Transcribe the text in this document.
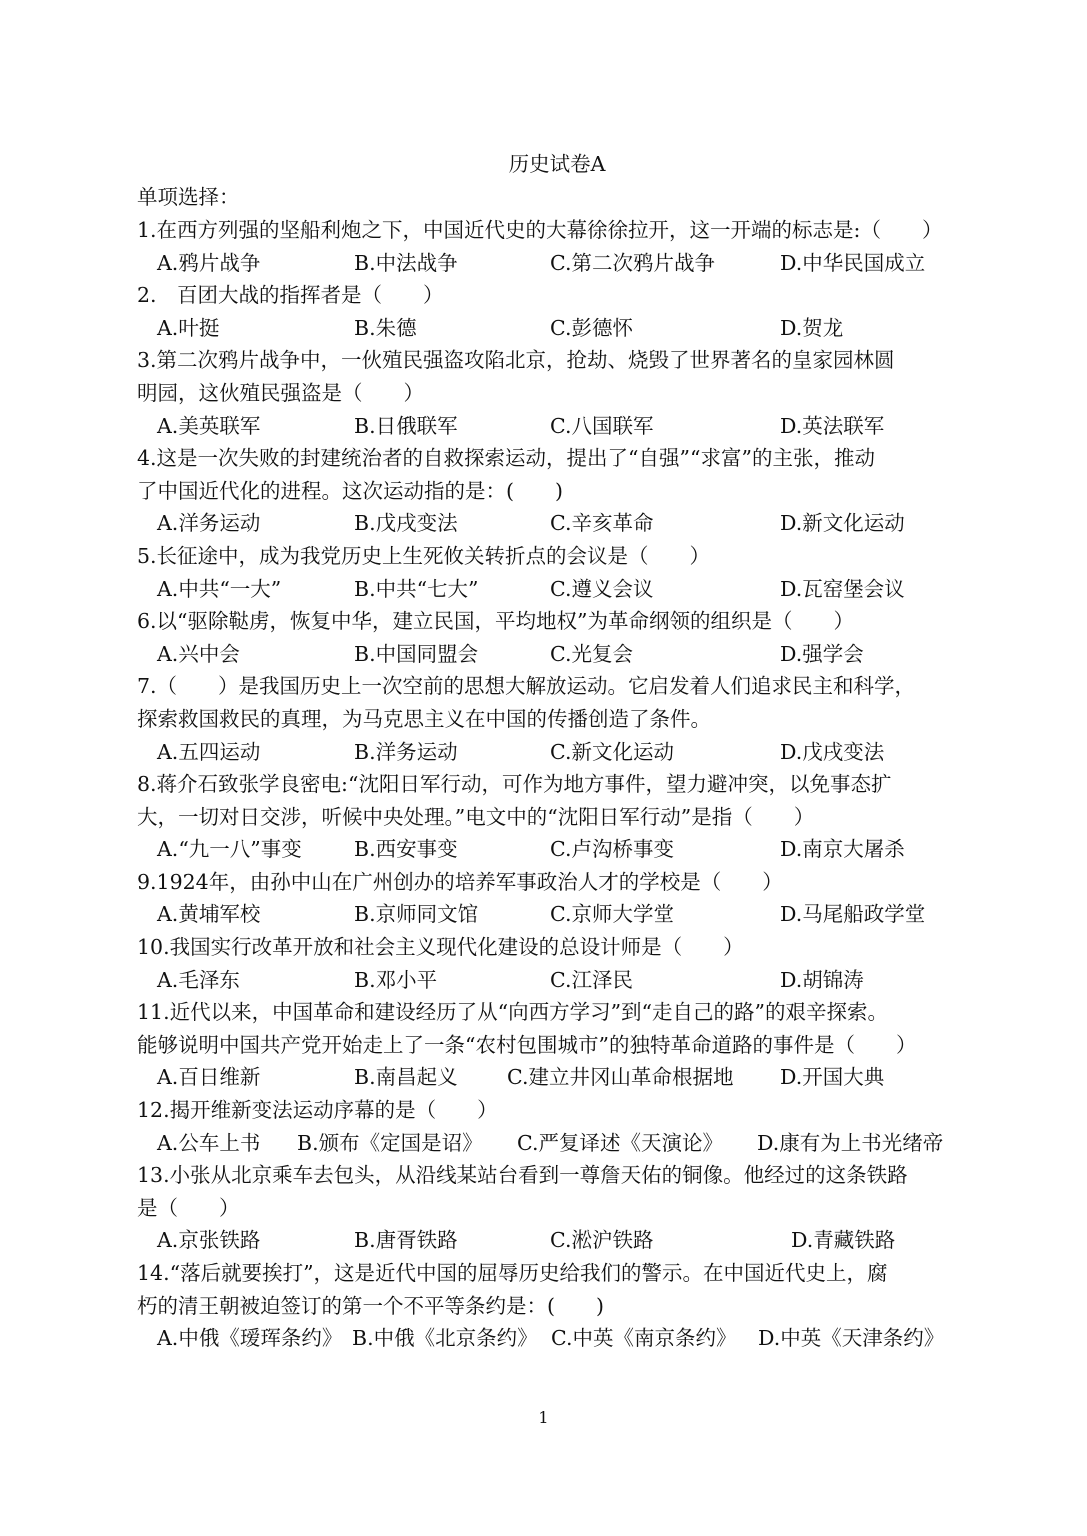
历史试卷A
单项选择：
1.在西方列强的坚船利炮之下，中国近代史的大幕徐徐拉开，这一开端的标志是:（　　）
A.鸦片战争	B.中法战争	C.第二次鸦片战争	D.中华民国成立
2.　百团大战的指挥者是（　　）
A.叶挺	B.朱德	C.彭德怀	D.贺龙
3.第二次鸦片战争中，一伙殖民强盗攻陷北京，抢劫、烧毁了世界著名的皇家园林圆
明园，这伙殖民强盗是（　　）
A.美英联军	B.日俄联军	C.八国联军	D.英法联军
4.这是一次失败的封建统治者的自救探索运动，提出了“自强”“求富”的主张，推动
了中国近代化的进程。这次运动指的是：(　　)
A.洋务运动	B.戊戌变法	C.辛亥革命	D.新文化运动
5.长征途中，成为我党历史上生死攸关转折点的会议是（　　）
A.中共“一大”	B.中共“七大”	C.遵义会议	D.瓦窑堡会议
6.以“驱除鞑虏，恢复中华，建立民国，平均地权”为革命纲领的组织是（　　）
A.兴中会	B.中国同盟会	C.光复会	D.强学会
7.（　　）是我国历史上一次空前的思想大解放运动。它启发着人们追求民主和科学，
探索救国救民的真理，为马克思主义在中国的传播创造了条件。
A.五四运动	B.洋务运动	C.新文化运动	D.戊戌变法
8.蒋介石致张学良密电:“沈阳日军行动，可作为地方事件，望力避冲突，以免事态扩
大，一切对日交涉，听候中央处理。”电文中的“沈阳日军行动”是指（　　）
A.“九一八”事变	B.西安事变	C.卢沟桥事变	D.南京大屠杀
9.1924年，由孙中山在广州创办的培养军事政治人才的学校是（　　）
A.黄埔军校	B.京师同文馆	C.京师大学堂	D.马尾船政学堂
10.我国实行改革开放和社会主义现代化建设的总设计师是（　　）
A.毛泽东	B.邓小平	C.江泽民	D.胡锦涛
11.近代以来，中国革命和建设经历了从“向西方学习”到“走自己的路”的艰辛探索。
能够说明中国共产党开始走上了一条“农村包围城市”的独特革命道路的事件是（　　）
A.百日维新	B.南昌起义 C.建立井冈山革命根据地 D.开国大典
12.揭开维新变法运动序幕的是（　　）
A.公车上书 B.颁布《定国是诏》 C.严复译述《天演论》 D.康有为上书光绪帝
13.小张从北京乘车去包头，从沿线某站台看到一尊詹天佑的铜像。他经过的这条铁路
是（　　）
A.京张铁路	B.唐胥铁路	C.淞沪铁路	D.青藏铁路
14.“落后就要挨打”，这是近代中国的屈辱历史给我们的警示。在中国近代史上，腐
朽的清王朝被迫签订的第一个不平等条约是：(　　)
A.中俄《瑷珲条约》 B.中俄《北京条约》 C.中英《南京条约》 D.中英《天津条约》
1
